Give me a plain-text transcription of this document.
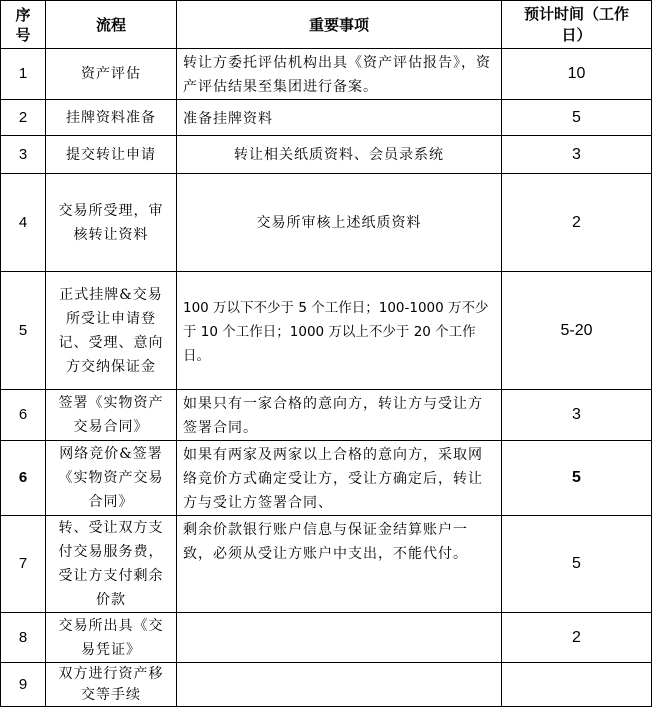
序号	流程	重要事项	预计时间（工作日）

1	资产评估	转让方委托评估机构出具《资产评估报告》，资产评估结果至集团进行备案。	10
2	挂牌资料准备	准备挂牌资料	5
3	提交转让申请	转让相关纸质资料、会员录系统	3
4	交易所受理，审核转让资料	交易所审核上述纸质资料	2
5	正式挂牌&交易所受让申请登记、受理、意向方交纳保证金	100 万以下不少于 5 个工作日；100-1000 万不少于 10 个工作日；1000 万以上不少于 20 个工作日。	5-20
6	签署《实物资产交易合同》	如果只有一家合格的意向方，转让方与受让方签署合同。	3
6	网络竞价&签署《实物资产交易合同》	如果有两家及两家以上合格的意向方，采取网络竞价方式确定受让方，受让方确定后，转让方与受让方签署合同、	5
7	转、受让双方支付交易服务费，受让方支付剩余价款	剩余价款银行账户信息与保证金结算账户一致，必须从受让方账户中支出，不能代付。	5
8	交易所出具《交易凭证》		2
9	双方进行资产移交等手续		
